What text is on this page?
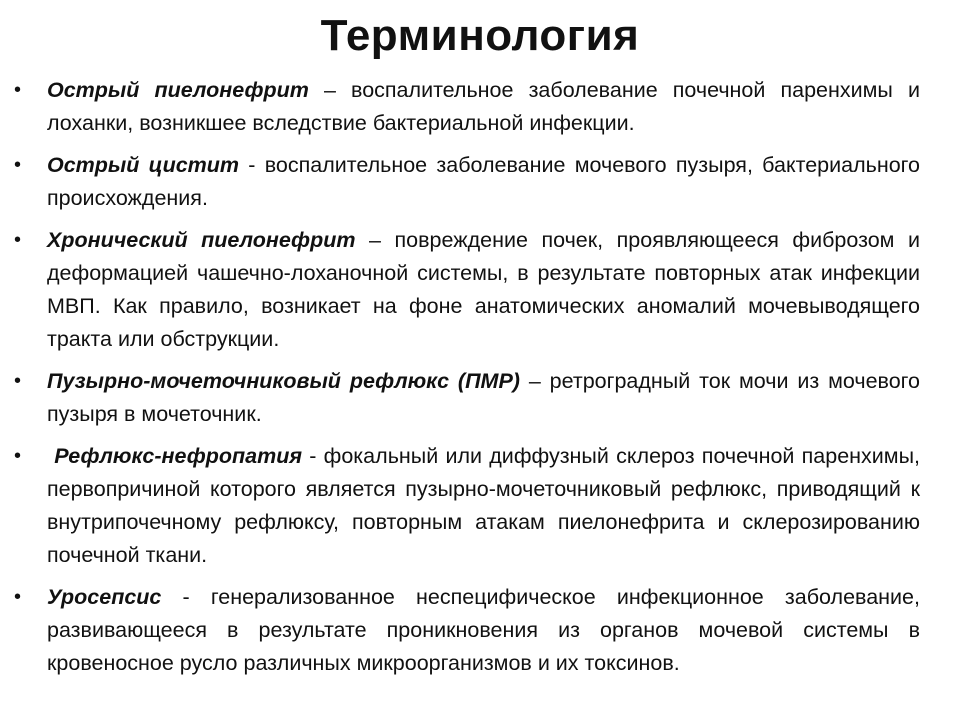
Терминология
•	Острый пиелонефрит – воспалительное заболевание почечной паренхимы и лоханки, возникшее вследствие бактериальной инфекции.
•	Острый цистит - воспалительное заболевание мочевого пузыря, бактериального происхождения.
•	Хронический пиелонефрит – повреждение почек, проявляющееся фиброзом и деформацией чашечно-лоханочной системы, в результате повторных атак инфекции МВП. Как правило, возникает на фоне анатомических аномалий мочевыводящего тракта или обструкции.
•	Пузырно-мочеточниковый рефлюкс (ПМР) – ретроградный ток мочи из мочевого пузыря в мочеточник.
•	Рефлюкс-нефропатия - фокальный или диффузный склероз почечной паренхимы, первопричиной которого является пузырно-мочеточниковый рефлюкс, приводящий к внутрипочечному рефлюксу, повторным атакам пиелонефрита и склерозированию почечной ткани.
•	Уросепсис - генерализованное неспецифическое инфекционное заболевание, развивающееся в результате проникновения из органов мочевой системы в кровеносное русло различных микроорганизмов и их токсинов.
